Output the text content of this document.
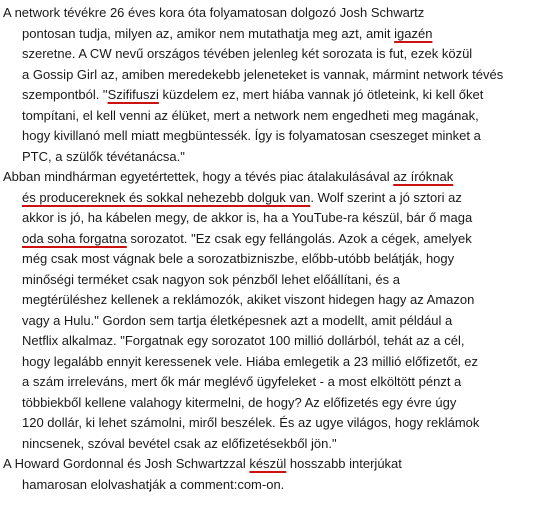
A network tévékre 26 éves kora óta folyamatosan dolgozó Josh Schwartz
pontosan tudja, milyen az, amikor nem mutathatja meg azt, amit igazén
szeretne. A CW nevű országos tévében jelenleg két sorozata is fut, ezek közül
a Gossip Girl az, amiben meredekebb jeleneteket is vannak, mármint network tévés
szempontból. "Szififuszi küzdelem ez, mert hiába vannak jó ötleteink, ki kell őket
tompítani, el kell venni az élüket, mert a network nem engedheti meg magának,
hogy kivillanó mell miatt megbüntessék. Így is folyamatosan cseszeget minket a
PTC, a szülők tévétanácsa."
Abban mindhárman egyetértettek, hogy a tévés piac átalakulásával az íróknak
és producereknek és sokkal nehezebb dolguk van. Wolf szerint a jó sztori az
akkor is jó, ha kábelen megy, de akkor is, ha a YouTube-ra készül, bár ő maga
oda soha forgatna sorozatot. "Ez csak egy fellángolás. Azok a cégek, amelyek
még csak most vágnak bele a sorozatbizniszbe, előbb-utóbb belátják, hogy
minőségi terméket csak nagyon sok pénzből lehet előállítani, és a
megtérüléshez kellenek a reklámozók, akiket viszont hidegen hagy az Amazon
vagy a Hulu." Gordon sem tartja életképesnek azt a modellt, amit például a
Netflix alkalmaz. "Forgatnak egy sorozatot 100 millió dollárból, tehát az a cél,
hogy legalább ennyit keressenek vele. Hiába emlegetik a 23 millió előfizetőt, ez
a szám irreleváns, mert ők már meglévő ügyfeleket - a most elköltött pénzt a
többiekből kellene valahogy kitermelni, de hogy? Az előfizetés egy évre úgy
120 dollár, ki lehet számolni, miről beszélek. És az ugye világos, hogy reklámok
nincsenek, szóval bevétel csak az előfizetésekből jön."
A Howard Gordonnal és Josh Schwartzzal készül hosszabb interjúkat
hamarosan elolvashatják a comment:com-on.
